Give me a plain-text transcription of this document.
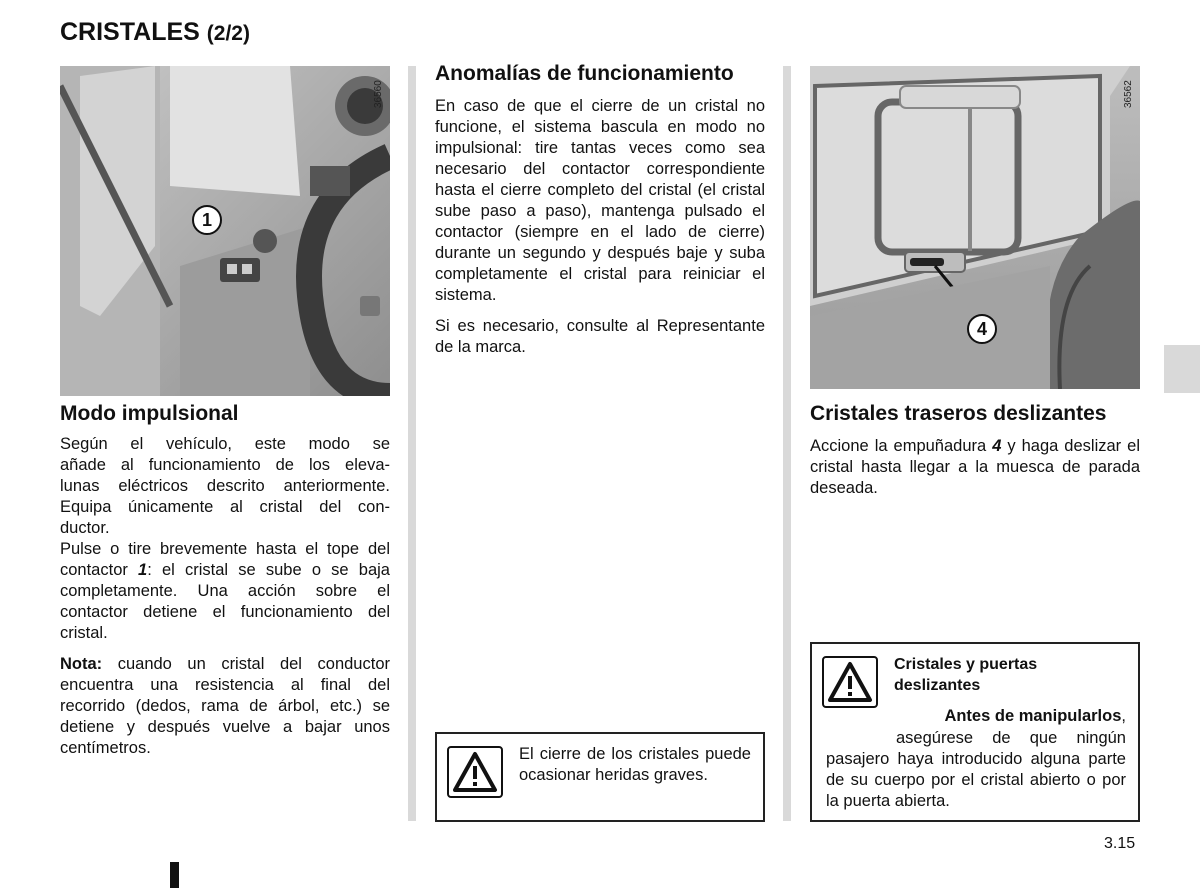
CRISTALES (2/2)
36560
1
Modo impulsional
Según el vehículo, este modo se
añade al funcionamiento de los eleva-
lunas eléctricos descrito anteriormente.
Equipa únicamente al cristal del con-
ductor.

Pulse o tire brevemente hasta el tope del contactor 1: el cristal se sube o se baja completamente. Una acción sobre el contactor detiene el funcionamiento del cristal.

Nota: cuando un cristal del conductor encuentra una resistencia al final del recorrido (dedos, rama de árbol, etc.) se detiene y después vuelve a bajar unos centímetros.

Anomalías de funcionamiento

En caso de que el cierre de un cristal no funcione, el sistema bascula en modo no impulsional: tire tantas veces como sea necesario del contactor correspondiente hasta el cierre completo del cristal (el cristal sube paso a paso), mantenga pulsado el contactor (siempre en el lado de cierre) durante un segundo y después baje y suba completamente el cristal para reiniciar el sistema.

Si es necesario, consulte al Representante de la marca.

El cierre de los cristales puede ocasionar heridas graves.
36562
4
Cristales traseros deslizantes

Accione la empuñadura 4 y haga deslizar el cristal hasta llegar a la muesca de parada deseada.

Cristales y puertas deslizantes
Antes de manipularlos,
asegúrese de que ningún pasajero haya introducido alguna parte de su cuerpo por el cristal abierto o por la puerta abierta.
3.15
